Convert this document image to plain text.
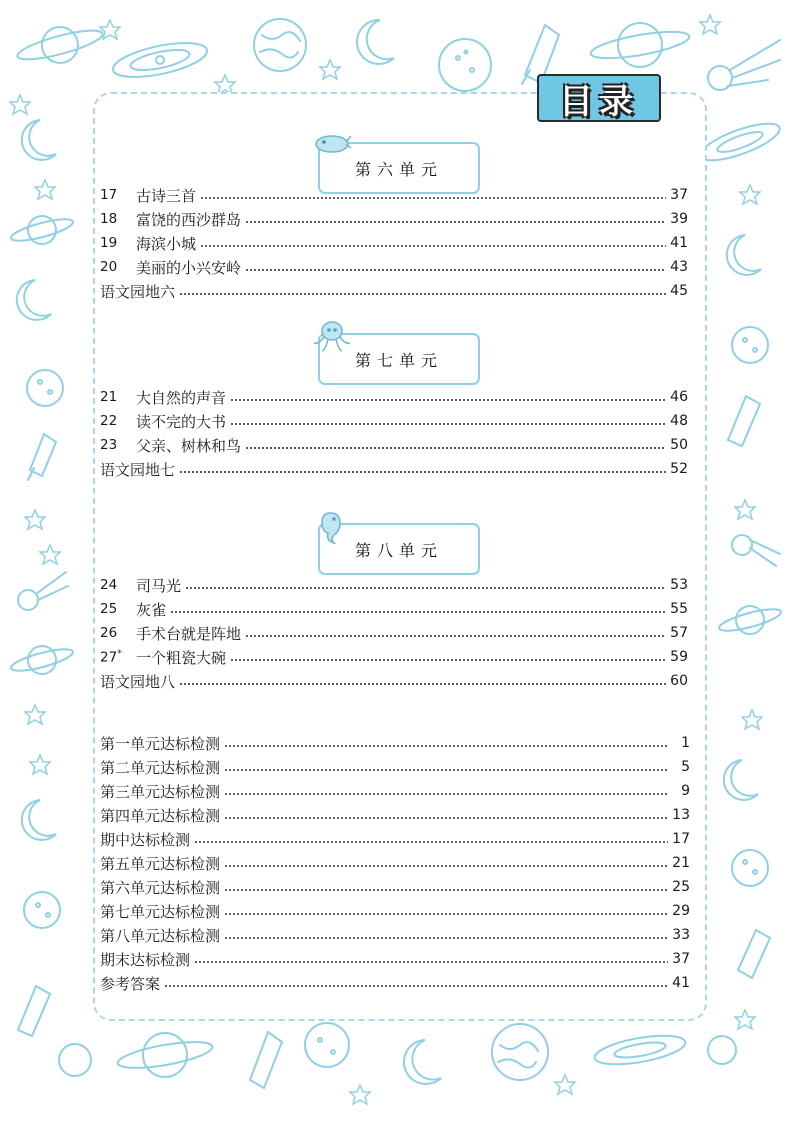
目录
第六单元
17	古诗三首	37
18	富饶的西沙群岛	39
19	海滨小城	41
20	美丽的小兴安岭	43
语文园地六	45
第七单元
21	大自然的声音	46
22	读不完的大书	48
23	父亲、树林和鸟	50
语文园地七	52
第八单元
24	司马光	53
25	灰雀	55
26	手术台就是阵地	57
27* 一个粗瓷大碗	59
语文园地八	60
第一单元达标检测	1
第二单元达标检测	5
第三单元达标检测	9
第四单元达标检测	13
期中达标检测	17
第五单元达标检测	21
第六单元达标检测	25
第七单元达标检测	29
第八单元达标检测	33
期末达标检测	37
参考答案	41
